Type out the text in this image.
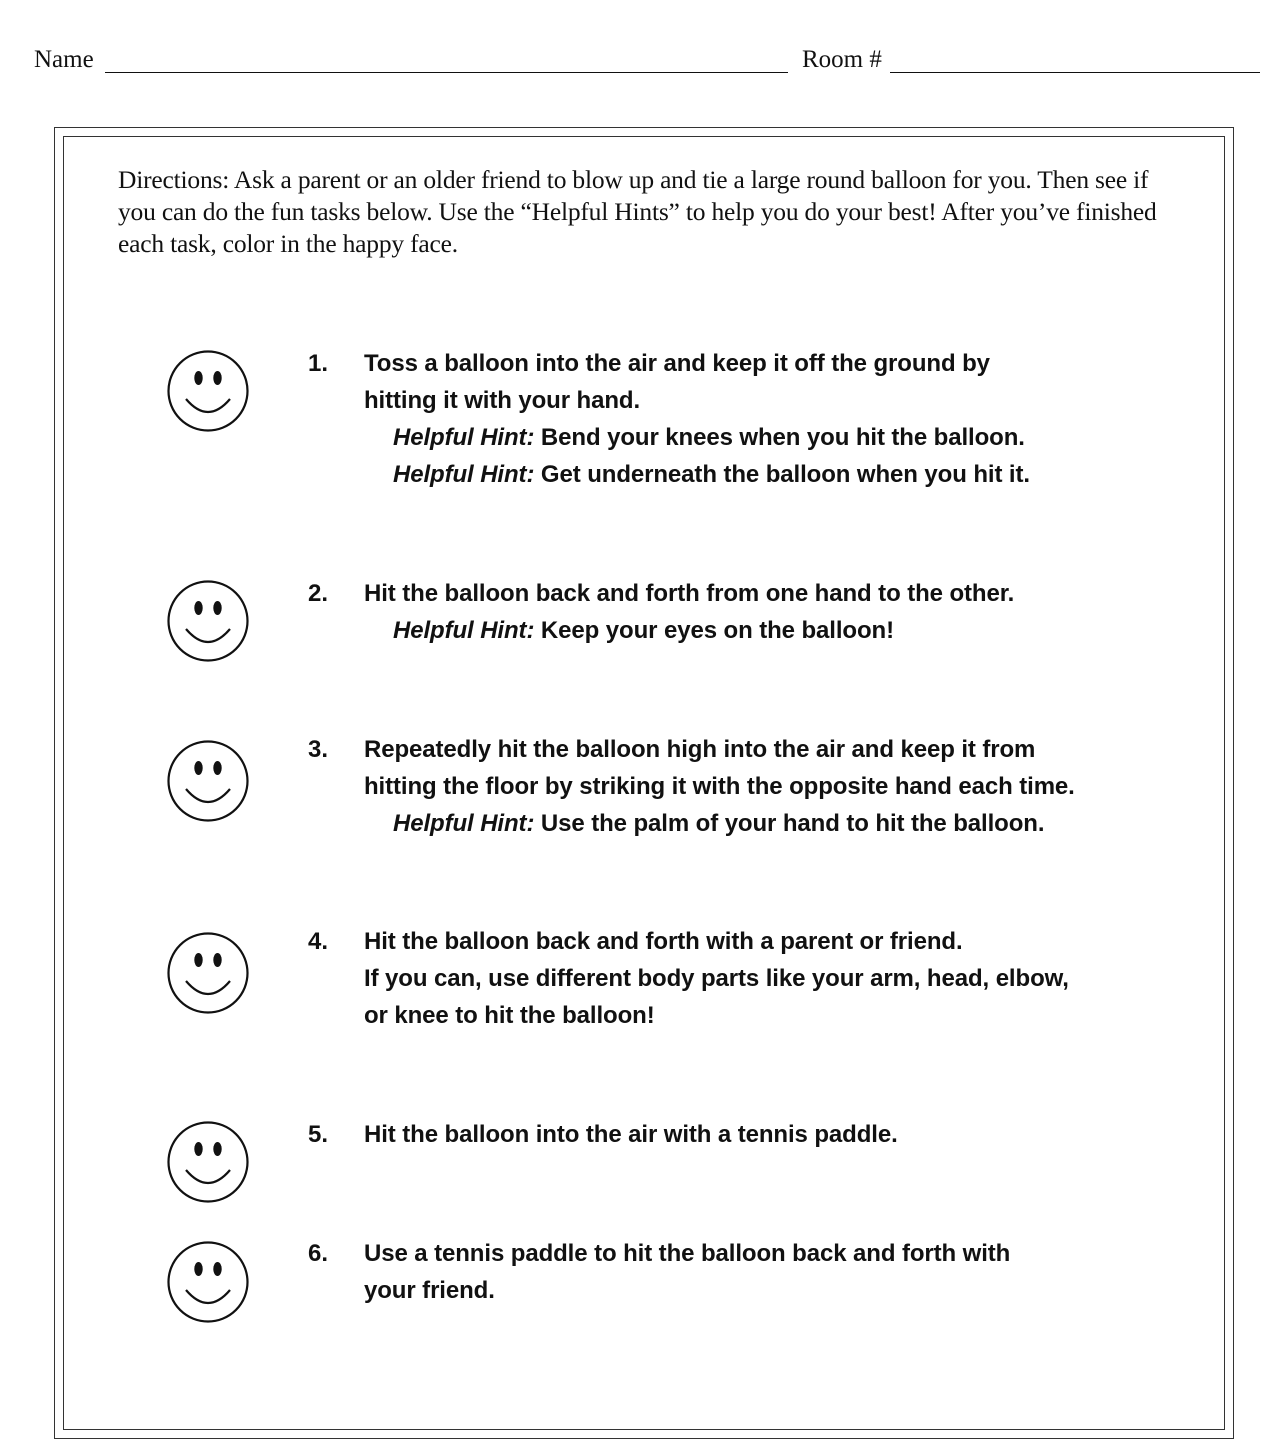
Name	Room #
Directions: Ask a parent or an older friend to blow up and tie a large round balloon for you. Then see if you can do the fun tasks below. Use the “Helpful Hints” to help you do your best! After you’ve finished each task, color in the happy face.
1. Toss a balloon into the air and keep it off the ground by
hitting it with your hand.
Helpful Hint: Bend your knees when you hit the balloon.
Helpful Hint: Get underneath the balloon when you hit it.
2. Hit the balloon back and forth from one hand to the other.
Helpful Hint: Keep your eyes on the balloon!
3. Repeatedly hit the balloon high into the air and keep it from
hitting the floor by striking it with the opposite hand each time.
Helpful Hint: Use the palm of your hand to hit the balloon.
4. Hit the balloon back and forth with a parent or friend.
If you can, use different body parts like your arm, head, elbow,
or knee to hit the balloon!
5. Hit the balloon into the air with a tennis paddle.
6. Use a tennis paddle to hit the balloon back and forth with
your friend.
